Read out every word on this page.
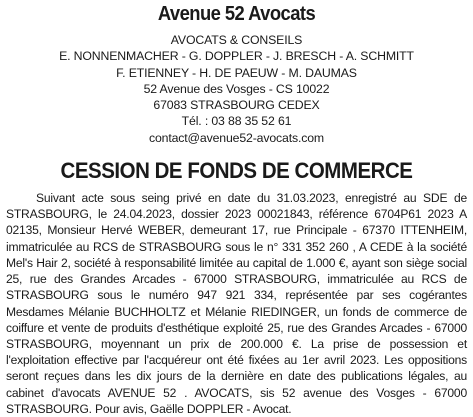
Avenue 52 Avocats

AVOCATS & CONSEILS

E. NONNENMACHER - G. DOPPLER - J. BRESCH - A. SCHMITT

F. ETIENNEY - H. DE PAEUW - M. DAUMAS

52 Avenue des Vosges - CS 10022

67083 STRASBOURG CEDEX

Tél. : 03 88 35 52 61

contact@avenue52-avocats.com

CESSION DE FONDS DE COMMERCE

Suivant acte sous seing privé en date du 31.03.2023, enregistré au SDE de STRASBOURG, le 24.04.2023, dossier 2023 00021843, référence 6704P61 2023 A 02135, Monsieur Hervé WEBER, demeurant 17, rue Principale - 67370 ITTENHEIM, immatriculée au RCS de STRASBOURG sous le n° 331 352 260 , A CEDE à la société Mel's Hair 2, société à responsabilité limitée au capital de 1.000 €, ayant son siège social 25, rue des Grandes Arcades - 67000 STRASBOURG, immatriculée au RCS de STRASBOURG sous le numéro 947 921 334, représentée par ses cogérantes Mesdames Mélanie BUCHHOLTZ et Mélanie RIEDINGER, un fonds de commerce de coiffure et vente de produits d'esthétique exploité 25, rue des Grandes Arcades - 67000 STRASBOURG, moyennant un prix de 200.000 €. La prise de possession et l'exploitation effective par l'acquéreur ont été fixées au 1er avril 2023. Les oppositions seront reçues dans les dix jours de la dernière en date des publications légales, au cabinet d'avocats AVENUE 52 . AVOCATS, sis 52 avenue des Vosges - 67000 STRASBOURG. Pour avis, Gaëlle DOPPLER - Avocat.
